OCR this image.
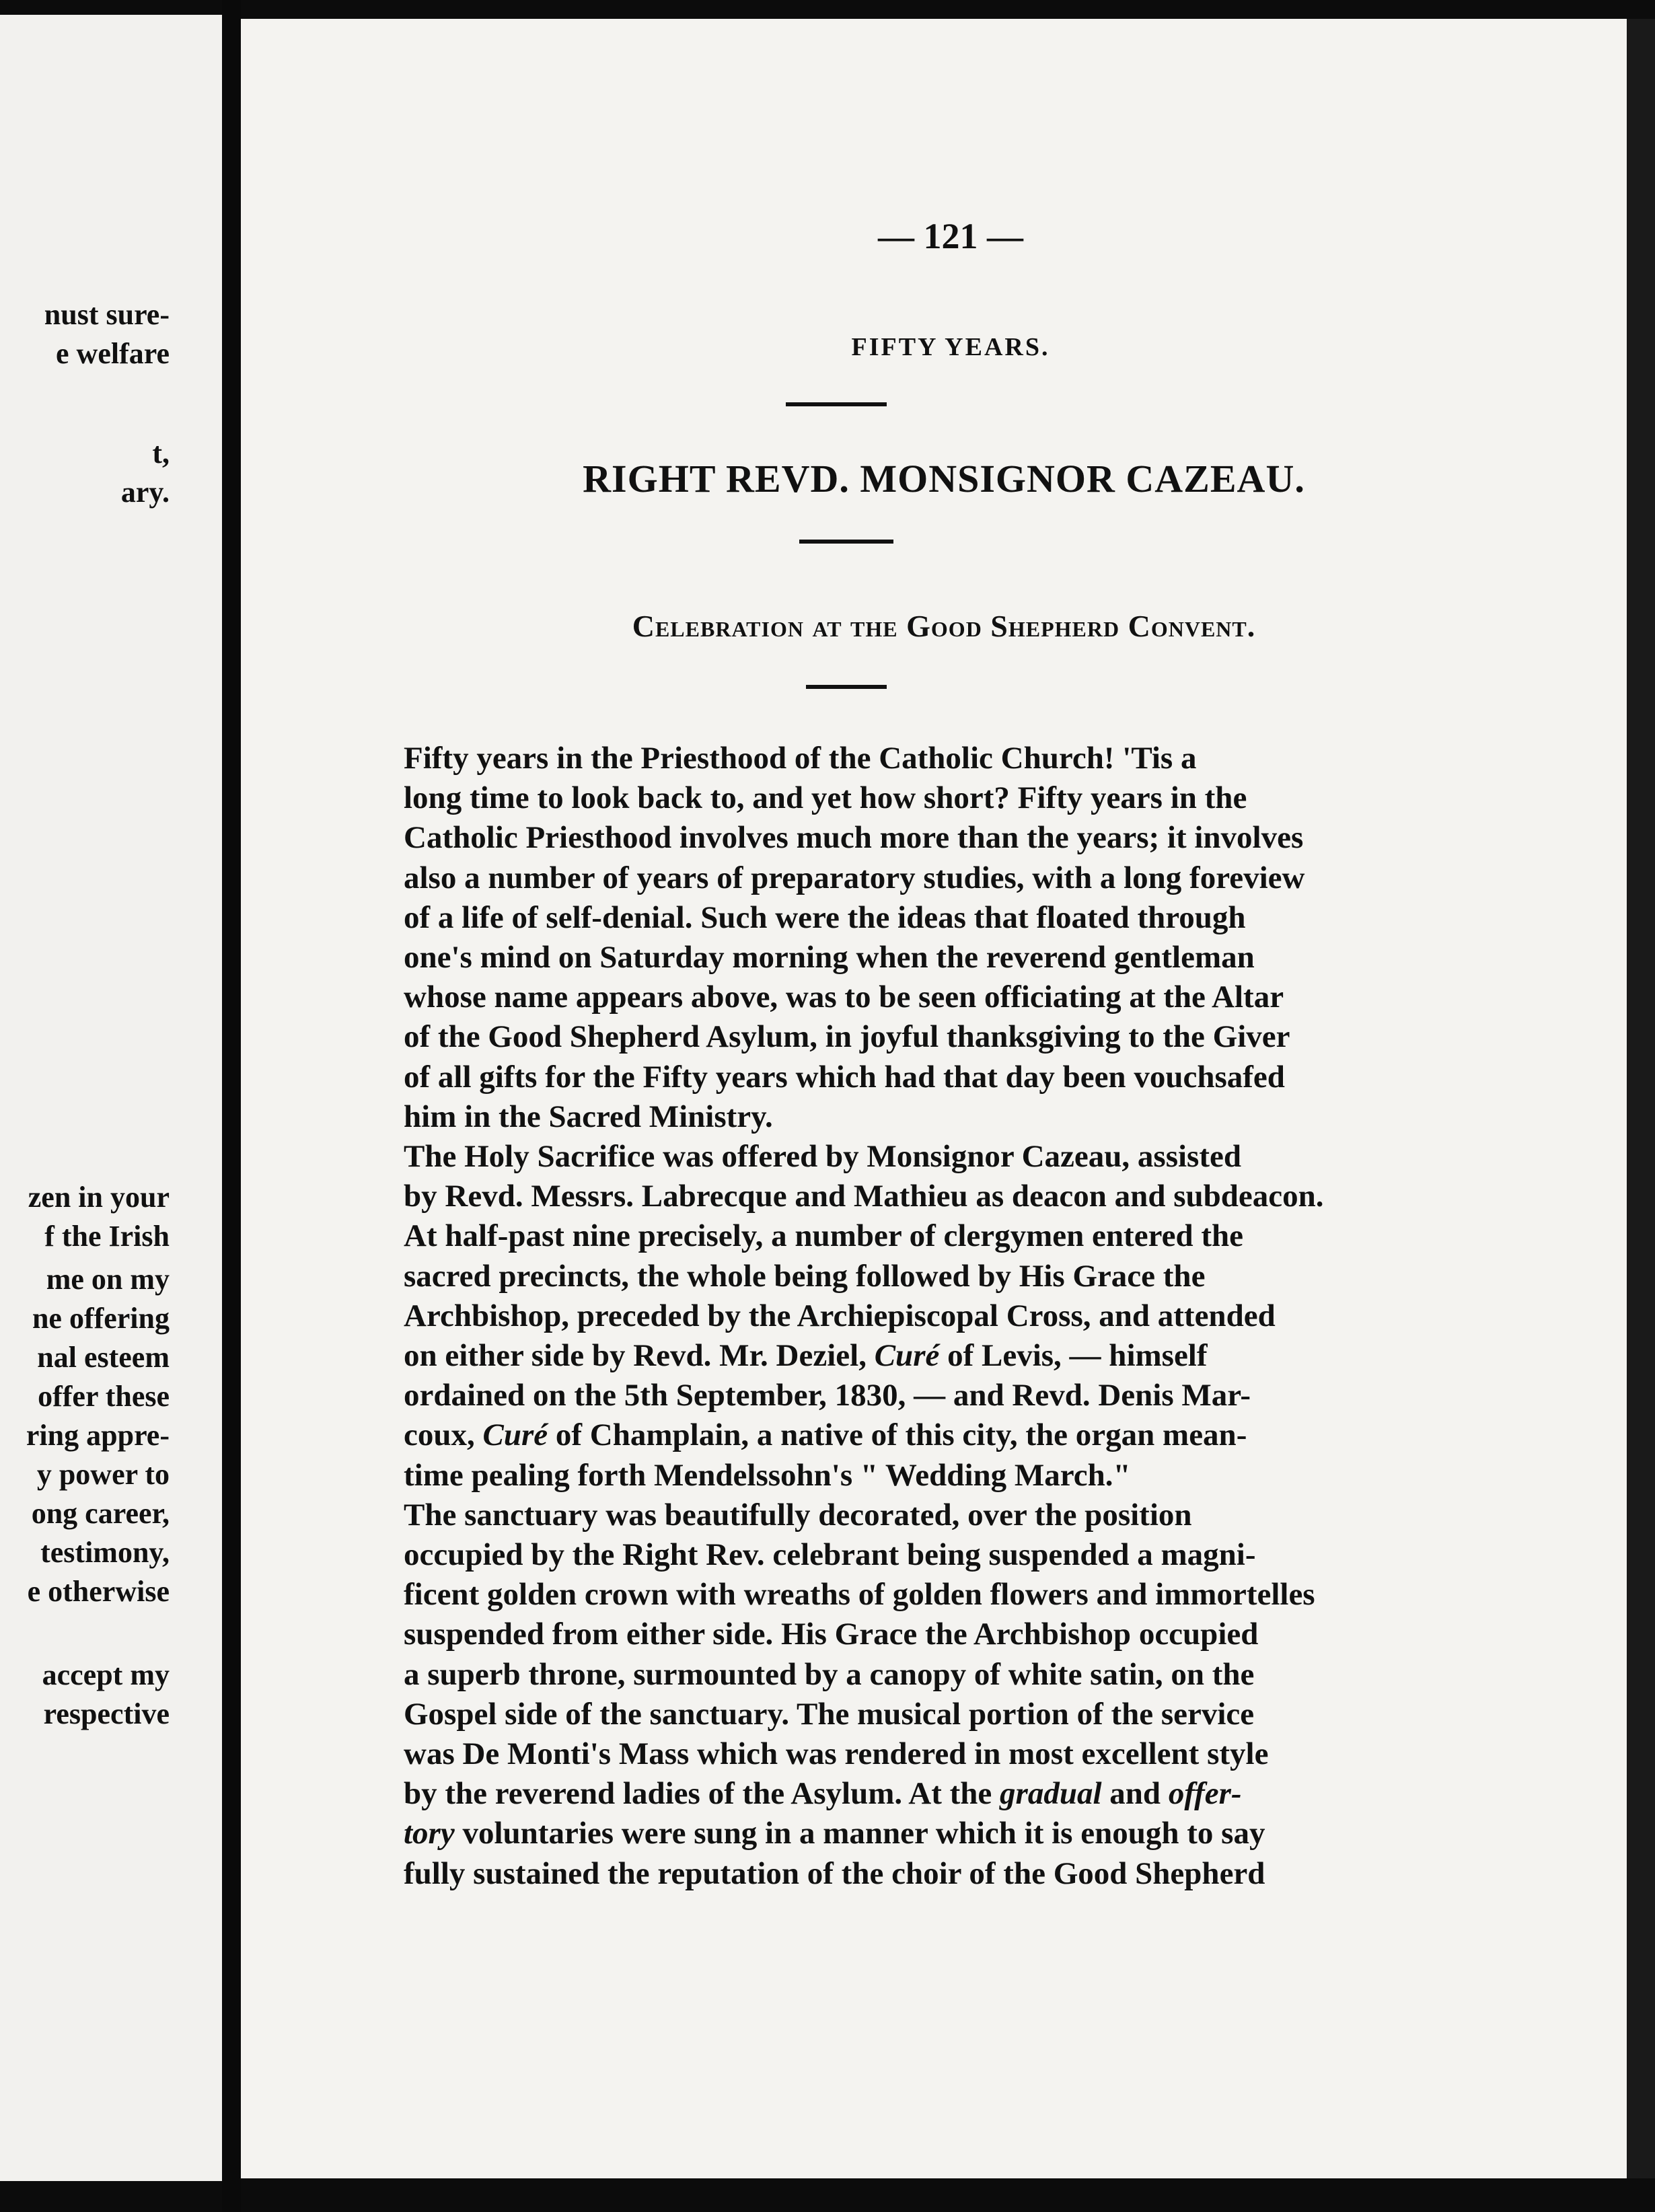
nust sure-
e welfare
t,
ary.
zen in your
f the Irish
me on my
ne offering
nal esteem
offer these
ring appre-
y power to
ong career,
testimony,
e otherwise
accept my
respective
— 121 —
FIFTY YEARS.
RIGHT REVD. MONSIGNOR CAZEAU.
Celebration at the Good Shepherd Convent.

Fifty years in the Priesthood of the Catholic Church! 'Tis a
long time to look back to, and yet how short? Fifty years in the
Catholic Priesthood involves much more than the years; it involves
also a number of years of preparatory studies, with a long foreview
of a life of self-denial. Such were the ideas that floated through
one's mind on Saturday morning when the reverend gentleman
whose name appears above, was to be seen officiating at the Altar
of the Good Shepherd Asylum, in joyful thanksgiving to the Giver
of all gifts for the Fifty years which had that day been vouchsafed
him in the Sacred Ministry.

The Holy Sacrifice was offered by Monsignor Cazeau, assisted
by Revd. Messrs. Labrecque and Mathieu as deacon and subdeacon.
At half-past nine precisely, a number of clergymen entered the
sacred precincts, the whole being followed by His Grace the
Archbishop, preceded by the Archiepiscopal Cross, and attended
on either side by Revd. Mr. Deziel, Curé of Levis, — himself
ordained on the 5th September, 1830, — and Revd. Denis Mar-
coux, Curé of Champlain, a native of this city, the organ mean-
time pealing forth Mendelssohn's " Wedding March."

The sanctuary was beautifully decorated, over the position
occupied by the Right Rev. celebrant being suspended a magni-
ficent golden crown with wreaths of golden flowers and immortelles
suspended from either side. His Grace the Archbishop occupied
a superb throne, surmounted by a canopy of white satin, on the
Gospel side of the sanctuary. The musical portion of the service
was De Monti's Mass which was rendered in most excellent style
by the reverend ladies of the Asylum. At the gradual and offer-
tory voluntaries were sung in a manner which it is enough to say
fully sustained the reputation of the choir of the Good Shepherd
